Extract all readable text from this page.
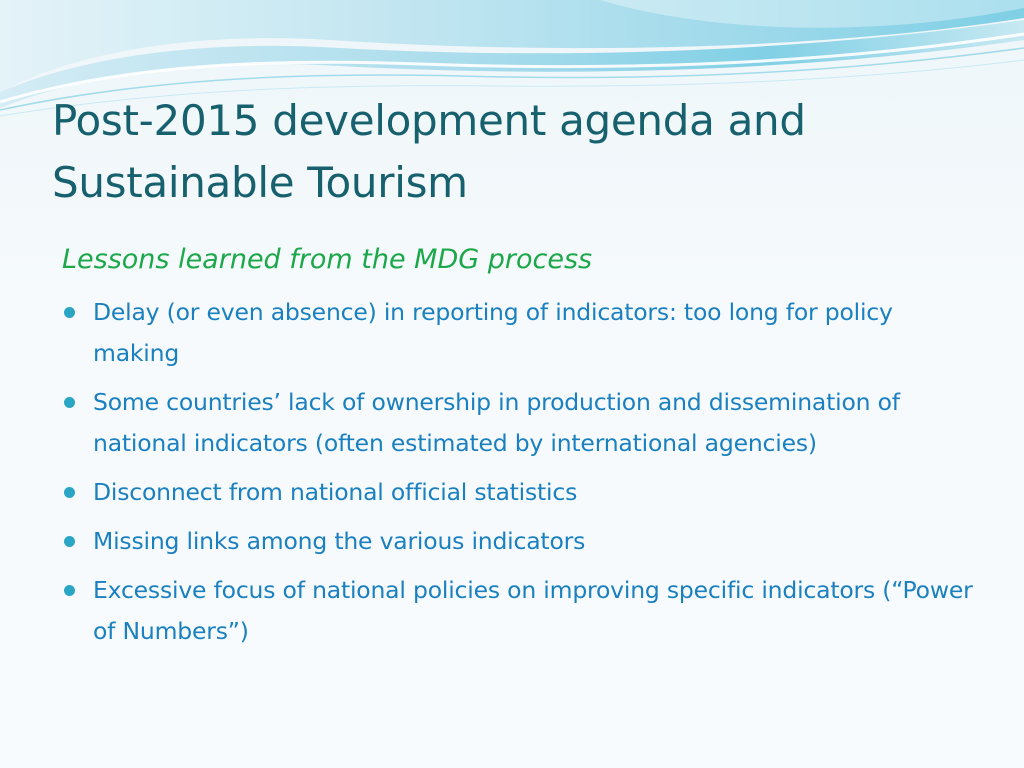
Post-2015 development agenda and
Sustainable Tourism

Lessons learned from the MDG process

Delay (or even absence) in reporting of indicators: too long for policy making
Some countries’ lack of ownership in production and dissemination of national indicators (often estimated by international agencies)
Disconnect from national official statistics
Missing links among the various indicators
Excessive focus of national policies on improving specific indicators (“Power of Numbers”)
